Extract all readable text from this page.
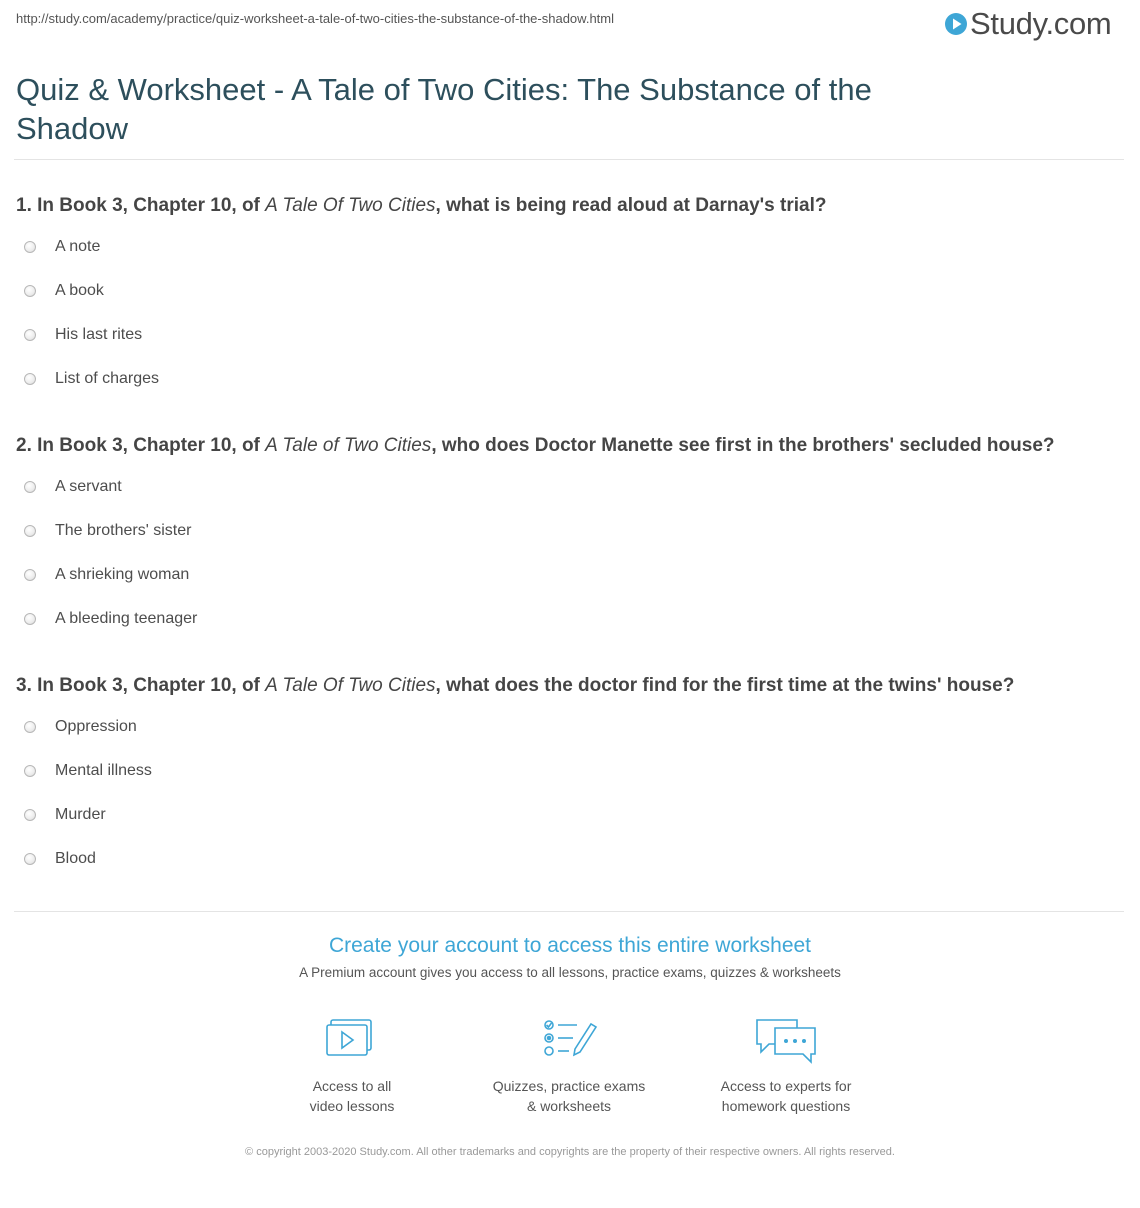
http://study.com/academy/practice/quiz-worksheet-a-tale-of-two-cities-the-substance-of-the-shadow.html	Study.com
Quiz & Worksheet - A Tale of Two Cities: The Substance of the Shadow

1. In Book 3, Chapter 10, of A Tale Of Two Cities, what is being read aloud at Darnay's trial?

A note
A book
His last rites
List of charges

2. In Book 3, Chapter 10, of A Tale of Two Cities, who does Doctor Manette see first in the brothers' secluded house?

A servant
The brothers' sister
A shrieking woman
A bleeding teenager

3. In Book 3, Chapter 10, of A Tale Of Two Cities, what does the doctor find for the first time at the twins' house?

Oppression
Mental illness
Murder
Blood
Create your account to access this entire worksheet
A Premium account gives you access to all lessons, practice exams, quizzes & worksheets
Access to all
video lessons
Quizzes, practice exams
& worksheets
Access to experts for
homework questions
© copyright 2003-2020 Study.com. All other trademarks and copyrights are the property of their respective owners. All rights reserved.
